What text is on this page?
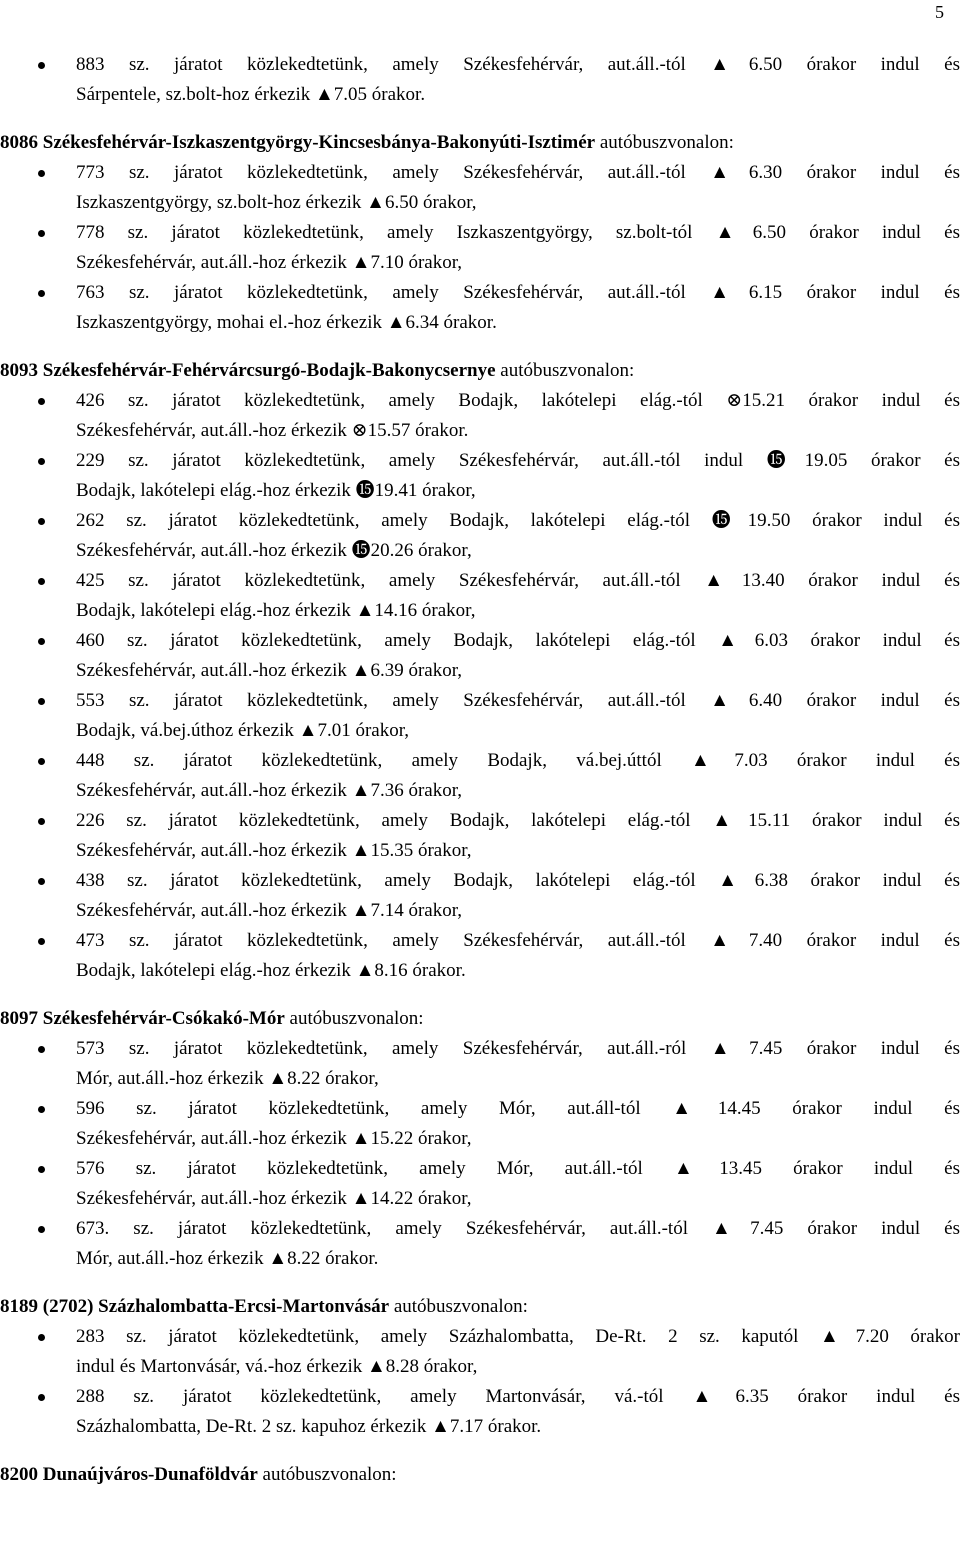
5
883 sz. járatot közlekedtetünk, amely Székesfehérvár, aut.áll.-tól ▲6.50 órakor indul és
Sárpentele, sz.bolt-hoz érkezik ▲7.05 órakor.
8086 Székesfehérvár-Iszkaszentgyörgy-Kincsesbánya-Bakonyúti-Isztimér autóbuszvonalon:
773 sz. járatot közlekedtetünk, amely Székesfehérvár, aut.áll.-tól ▲6.30 órakor indul és
Iszkaszentgyörgy, sz.bolt-hoz érkezik ▲6.50 órakor,
778 sz. járatot közlekedtetünk, amely Iszkaszentgyörgy, sz.bolt-tól ▲6.50 órakor indul és
Székesfehérvár, aut.áll.-hoz érkezik ▲7.10 órakor,
763 sz. járatot közlekedtetünk, amely Székesfehérvár, aut.áll.-tól ▲6.15 órakor indul és
Iszkaszentgyörgy, mohai el.-hoz érkezik ▲6.34 órakor.
8093 Székesfehérvár-Fehérvárcsurgó-Bodajk-Bakonycsernye autóbuszvonalon:
426 sz. járatot közlekedtetünk, amely Bodajk, lakótelepi elág.-tól ⊗15.21 órakor indul és
Székesfehérvár, aut.áll.-hoz érkezik ⊗15.57 órakor.
229 sz. járatot közlekedtetünk, amely Székesfehérvár, aut.áll.-tól indul ⓯19.05 órakor és
Bodajk, lakótelepi elág.-hoz érkezik ⓯19.41 órakor,
262 sz. járatot közlekedtetünk, amely Bodajk, lakótelepi elág.-tól ⓯19.50 órakor indul és
Székesfehérvár, aut.áll.-hoz érkezik ⓯20.26 órakor,
425 sz. járatot közlekedtetünk, amely Székesfehérvár, aut.áll.-tól ▲13.40 órakor indul és
Bodajk, lakótelepi elág.-hoz érkezik ▲14.16 órakor,
460 sz. járatot közlekedtetünk, amely Bodajk, lakótelepi elág.-tól ▲6.03 órakor indul és
Székesfehérvár, aut.áll.-hoz érkezik ▲6.39 órakor,
553 sz. járatot közlekedtetünk, amely Székesfehérvár, aut.áll.-tól ▲6.40 órakor indul és
Bodajk, vá.bej.úthoz érkezik ▲7.01 órakor,
448 sz. járatot közlekedtetünk, amely Bodajk, vá.bej.úttól ▲7.03 órakor indul és
Székesfehérvár, aut.áll.-hoz érkezik ▲7.36 órakor,
226 sz. járatot közlekedtetünk, amely Bodajk, lakótelepi elág.-tól ▲15.11 órakor indul és
Székesfehérvár, aut.áll.-hoz érkezik ▲15.35 órakor,
438 sz. járatot közlekedtetünk, amely Bodajk, lakótelepi elág.-tól ▲6.38 órakor indul és
Székesfehérvár, aut.áll.-hoz érkezik ▲7.14 órakor,
473 sz. járatot közlekedtetünk, amely Székesfehérvár, aut.áll.-tól ▲7.40 órakor indul és
Bodajk, lakótelepi elág.-hoz érkezik ▲8.16 órakor.
8097 Székesfehérvár-Csókakó-Mór autóbuszvonalon:
573 sz. járatot közlekedtetünk, amely Székesfehérvár, aut.áll.-ról ▲7.45 órakor indul és
Mór, aut.áll.-hoz érkezik ▲8.22 órakor,
596 sz. járatot közlekedtetünk, amely Mór, aut.áll-tól ▲14.45 órakor indul és
Székesfehérvár, aut.áll.-hoz érkezik ▲15.22 órakor,
576 sz. járatot közlekedtetünk, amely Mór, aut.áll.-tól ▲13.45 órakor indul és
Székesfehérvár, aut.áll.-hoz érkezik ▲14.22 órakor,
673. sz. járatot közlekedtetünk, amely Székesfehérvár, aut.áll.-tól ▲7.45 órakor indul és
Mór, aut.áll.-hoz érkezik ▲8.22 órakor.
8189 (2702) Százhalombatta-Ercsi-Martonvásár autóbuszvonalon:
283 sz. járatot közlekedtetünk, amely Százhalombatta, De-Rt. 2 sz. kaputól ▲7.20 órakor
indul és Martonvásár, vá.-hoz érkezik ▲8.28 órakor,
288 sz. járatot közlekedtetünk, amely Martonvásár, vá.-tól ▲6.35 órakor indul és
Százhalombatta, De-Rt. 2 sz. kapuhoz érkezik ▲7.17 órakor.
8200 Dunaújváros-Dunaföldvár autóbuszvonalon:
